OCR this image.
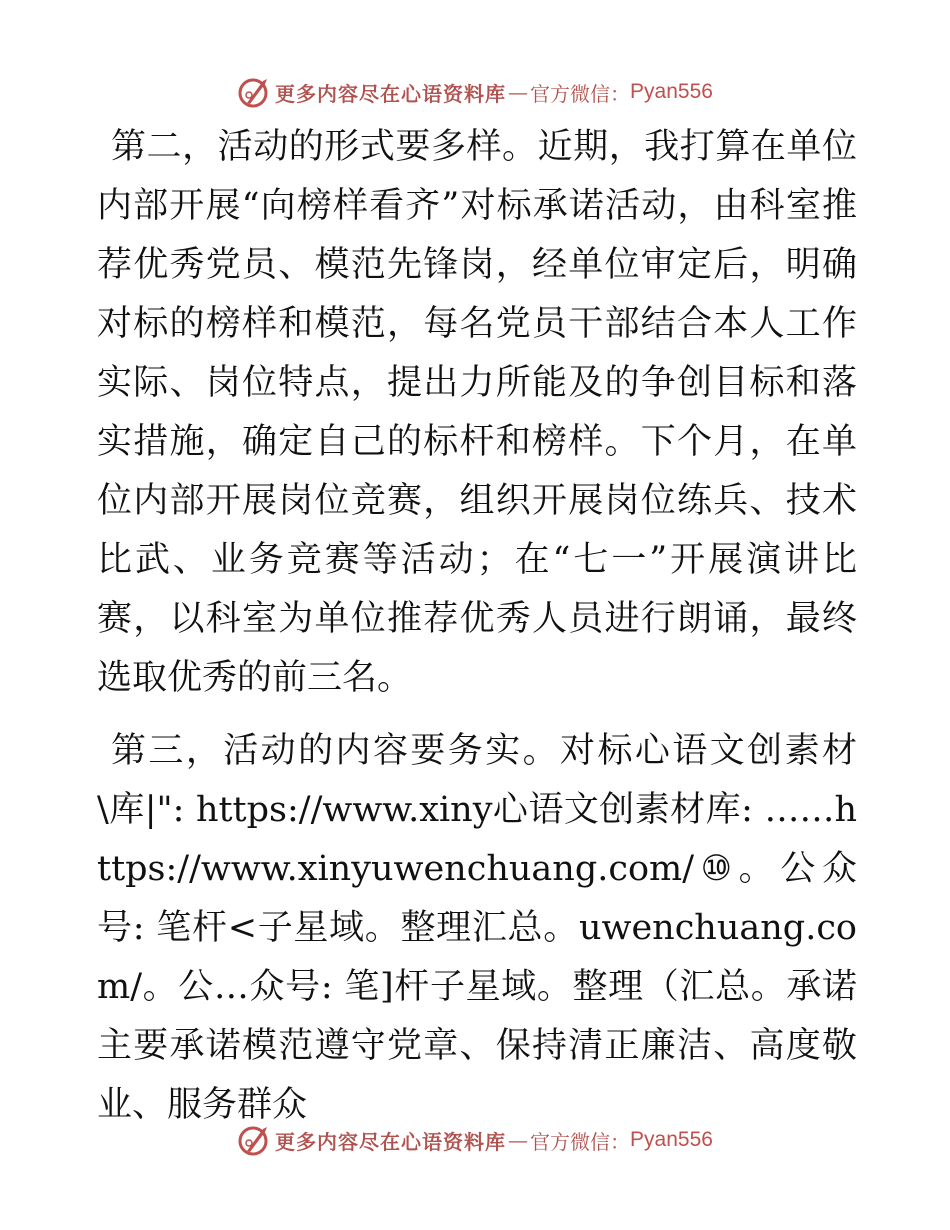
更多内容尽在心语资料库 — 官方微信： Pyan556

第二，活动的形式要多样。近期，我打算在单位内部开展“向榜样看齐”对标承诺活动，由科室推荐优秀党员、模范先锋岗，经单位审定后，明确对标的榜样和模范，每名党员干部结合本人工作实际、岗位特点，提出力所能及的争创目标和落实措施，确定自己的标杆和榜样。下个月，在单位内部开展岗位竞赛，组织开展岗位练兵、技术比武、业务竞赛等活动；在“七一”开展演讲比赛，以科室为单位推荐优秀人员进行朗诵，最终选取优秀的前三名。

第三，活动的内容要务实。对标心语文创素材\库|": https://www.xiny心语文创素材库: ……https://www.xinyuwenchuang.com/⑩。公众号: 笔杆<子星域。整理汇总。uwenchuang.com/。公…众号: 笔]杆子星域。整理（汇总。承诺主要承诺模范遵守党章、保持清正廉洁、高度敬业、服务群众

更多内容尽在心语资料库 — 官方微信： Pyan556
